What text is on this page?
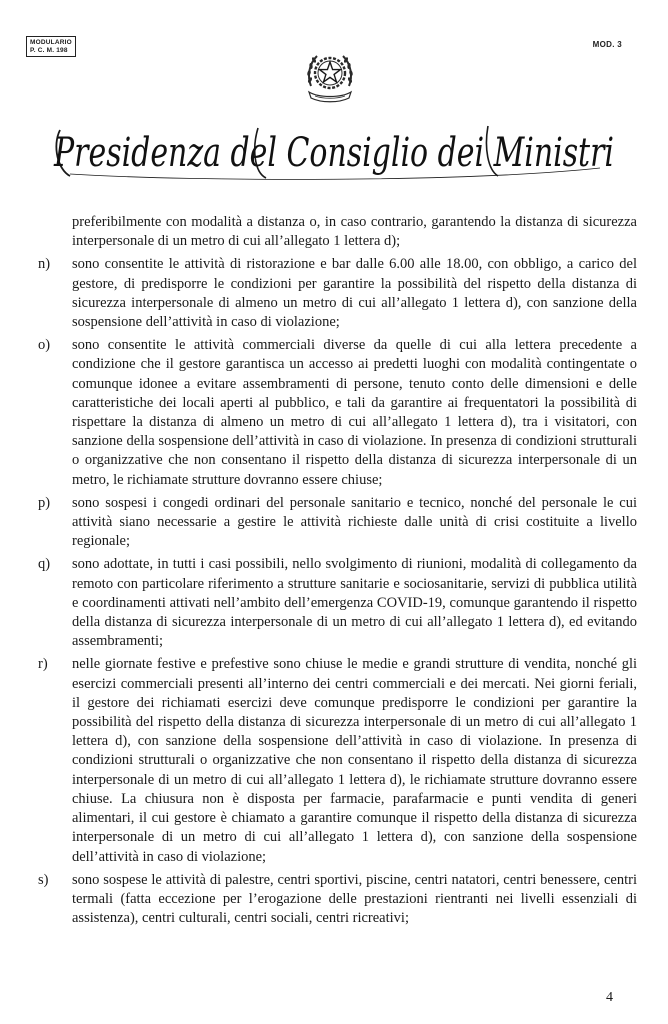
MODULARIO
P. C. M. 198
MOD. 3
Presidenza del Consiglio dei Ministri

preferibilmente con modalità a distanza o, in caso contrario, garantendo la distanza di sicurezza interpersonale di un metro di cui all’allegato 1 lettera d);

n)	sono consentite le attività di ristorazione e bar dalle 6.00 alle 18.00, con obbligo, a carico del gestore, di predisporre le condizioni per garantire la possibilità del rispetto della distanza di sicurezza interpersonale di almeno un metro di cui all’allegato 1 lettera d), con sanzione della sospensione dell’attività in caso di violazione;
o)	sono consentite le attività commerciali diverse da quelle di cui alla lettera precedente a condizione che il gestore garantisca un accesso ai predetti luoghi con modalità contingentate o comunque idonee a evitare assembramenti di persone, tenuto conto delle dimensioni e delle caratteristiche dei locali aperti al pubblico, e tali da garantire ai frequentatori la possibilità di rispettare la distanza di almeno un metro di cui all’allegato 1 lettera d), tra i visitatori, con sanzione della sospensione dell’attività in caso di violazione. In presenza di condizioni strutturali o organizzative che non consentano il rispetto della distanza di sicurezza interpersonale di un metro, le richiamate strutture dovranno essere chiuse;
p)	sono sospesi i congedi ordinari del personale sanitario e tecnico, nonché del personale le cui attività siano necessarie a gestire le attività richieste dalle unità di crisi costituite a livello regionale;
q)	sono adottate, in tutti i casi possibili, nello svolgimento di riunioni, modalità di collegamento da remoto con particolare riferimento a strutture sanitarie e sociosanitarie, servizi di pubblica utilità e coordinamenti attivati nell’ambito dell’emergenza COVID-19, comunque garantendo il rispetto della distanza di sicurezza interpersonale di un metro di cui all’allegato 1 lettera d), ed evitando assembramenti;
r)	nelle giornate festive e prefestive sono chiuse le medie e grandi strutture di vendita, nonché gli esercizi commerciali presenti all’interno dei centri commerciali e dei mercati. Nei giorni feriali, il gestore dei richiamati esercizi deve comunque predisporre le condizioni per garantire la possibilità del rispetto della distanza di sicurezza interpersonale di un metro di cui all’allegato 1 lettera d), con sanzione della sospensione dell’attività in caso di violazione. In presenza di condizioni strutturali o organizzative che non consentano il rispetto della distanza di sicurezza interpersonale di un metro di cui all’allegato 1 lettera d), le richiamate strutture dovranno essere chiuse. La chiusura non è disposta per farmacie, parafarmacie e punti vendita di generi alimentari, il cui gestore è chiamato a garantire comunque il rispetto della distanza di sicurezza interpersonale di un metro di cui all’allegato 1 lettera d), con sanzione della sospensione dell’attività in caso di violazione;
s)	sono sospese le attività di palestre, centri sportivi, piscine, centri natatori, centri benessere, centri termali (fatta eccezione per l’erogazione delle prestazioni rientranti nei livelli essenziali di assistenza), centri culturali, centri sociali, centri ricreativi;
4
